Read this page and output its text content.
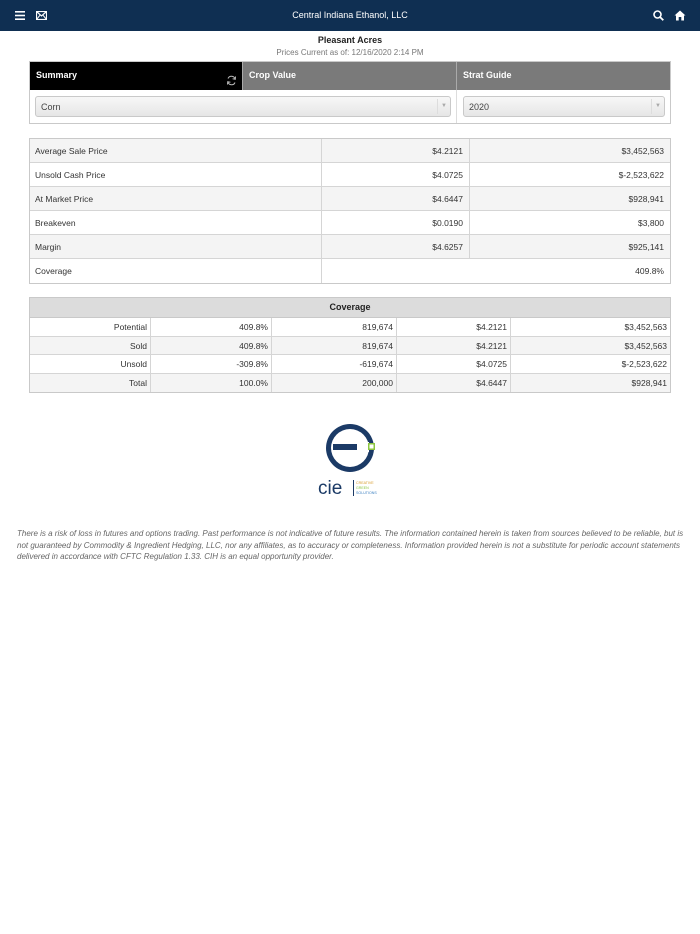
Central Indiana Ethanol, LLC
Pleasant Acres
Prices Current as of: 12/16/2020 2:14 PM
Summary	Crop Value	Strat Guide
Corn	▼	2020	▼
Average Sale Price	$4.2121	$3,452,563
Unsold Cash Price	$4.0725	$-2,523,622
At Market Price	$4.6447	$928,941
Breakeven	$0.0190	$3,800
Margin	$4.6257	$925,141
Coverage	409.8%
Coverage
Potential	409.8%	819,674	$4.2121	$3,452,563
Sold	409.8%	819,674	$4.2121	$3,452,563
Unsold	-309.8%	-619,674	$4.0725	$-2,523,622
Total	100.0%	200,000	$4.6447	$928,941
cie	CREATIVE
GREEN
SOLUTIONS
There is a risk of loss in futures and options trading. Past performance is not indicative of future results. The information contained herein is taken from sources believed to be reliable, but is not guaranteed by Commodity & Ingredient Hedging, LLC, nor any affiliates, as to accuracy or completeness. Information provided herein is not a substitute for periodic account statements delivered in accordance with CFTC Regulation 1.33. CIH is an equal opportunity provider.
